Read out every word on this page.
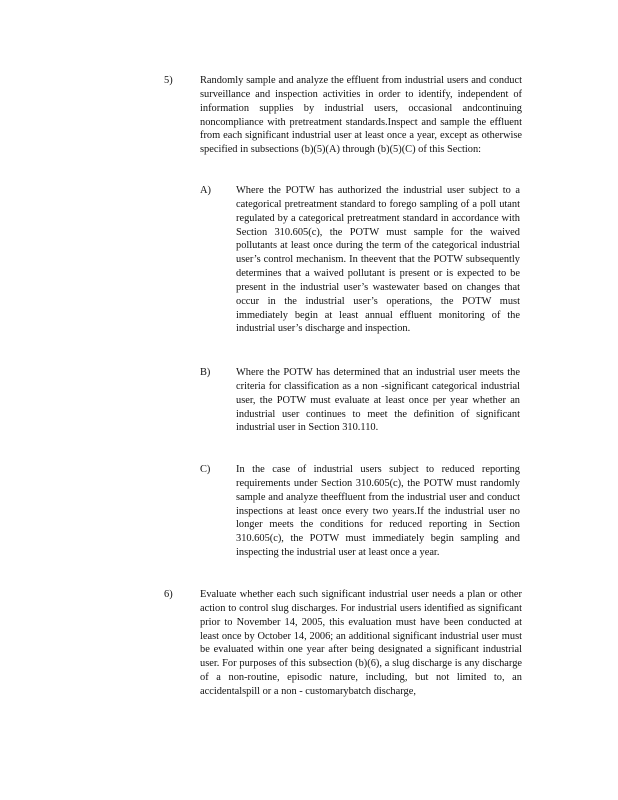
5)	Randomly sample and analyze the effluent from industrial users and conduct surveillance and inspection activities in order to identify, independent of information supplies by industrial users, occasional andcontinuing noncompliance with pretreatment standards.Inspect and sample the effluent from each significant industrial user at least once a year, except as otherwise specified in subsections (b)(5)(A) through (b)(5)(C) of this Section:
A) Where the POTW has authorized the industrial user subject to a categorical pretreatment standard to forego sampling of a poll utant regulated by a categorical pretreatment standard in accordance with Section 310.605(c), the POTW must sample for the waived pollutants at least once during the term of the categorical industrial user’s control mechanism. In theevent that the POTW subsequently determines that a waived pollutant is present or is expected to be present in the industrial user’s wastewater based on changes that occur in the industrial user’s operations, the POTW must immediately begin at least annual effluent monitoring of the industrial user’s discharge and inspection.
B) Where the POTW has determined that an industrial user meets the criteria for classification as a non -significant categorical industrial user, the POTW must evaluate at least once per year whether an industrial user continues to meet the definition of significant industrial user in Section 310.110.
C) In the case of industrial users subject to reduced reporting requirements under Section 310.605(c), the POTW must randomly sample and analyze theeffluent from the industrial user and conduct inspections at least once every two years.If the industrial user no longer meets the conditions for reduced reporting in Section 310.605(c), the POTW must immediately begin sampling and inspecting the industrial user at least once a year.
6)	Evaluate whether each such significant industrial user needs a plan or other action to control slug discharges. For industrial users identified as significant prior to November 14, 2005, this evaluation must have been conducted at least once by October 14, 2006; an additional significant industrial user must be evaluated within one year after being designated a significant industrial user. For purposes of this subsection (b)(6), a slug discharge is any discharge of a non-routine, episodic nature, including, but not limited to, an accidentalspill or a non - customarybatch discharge,
